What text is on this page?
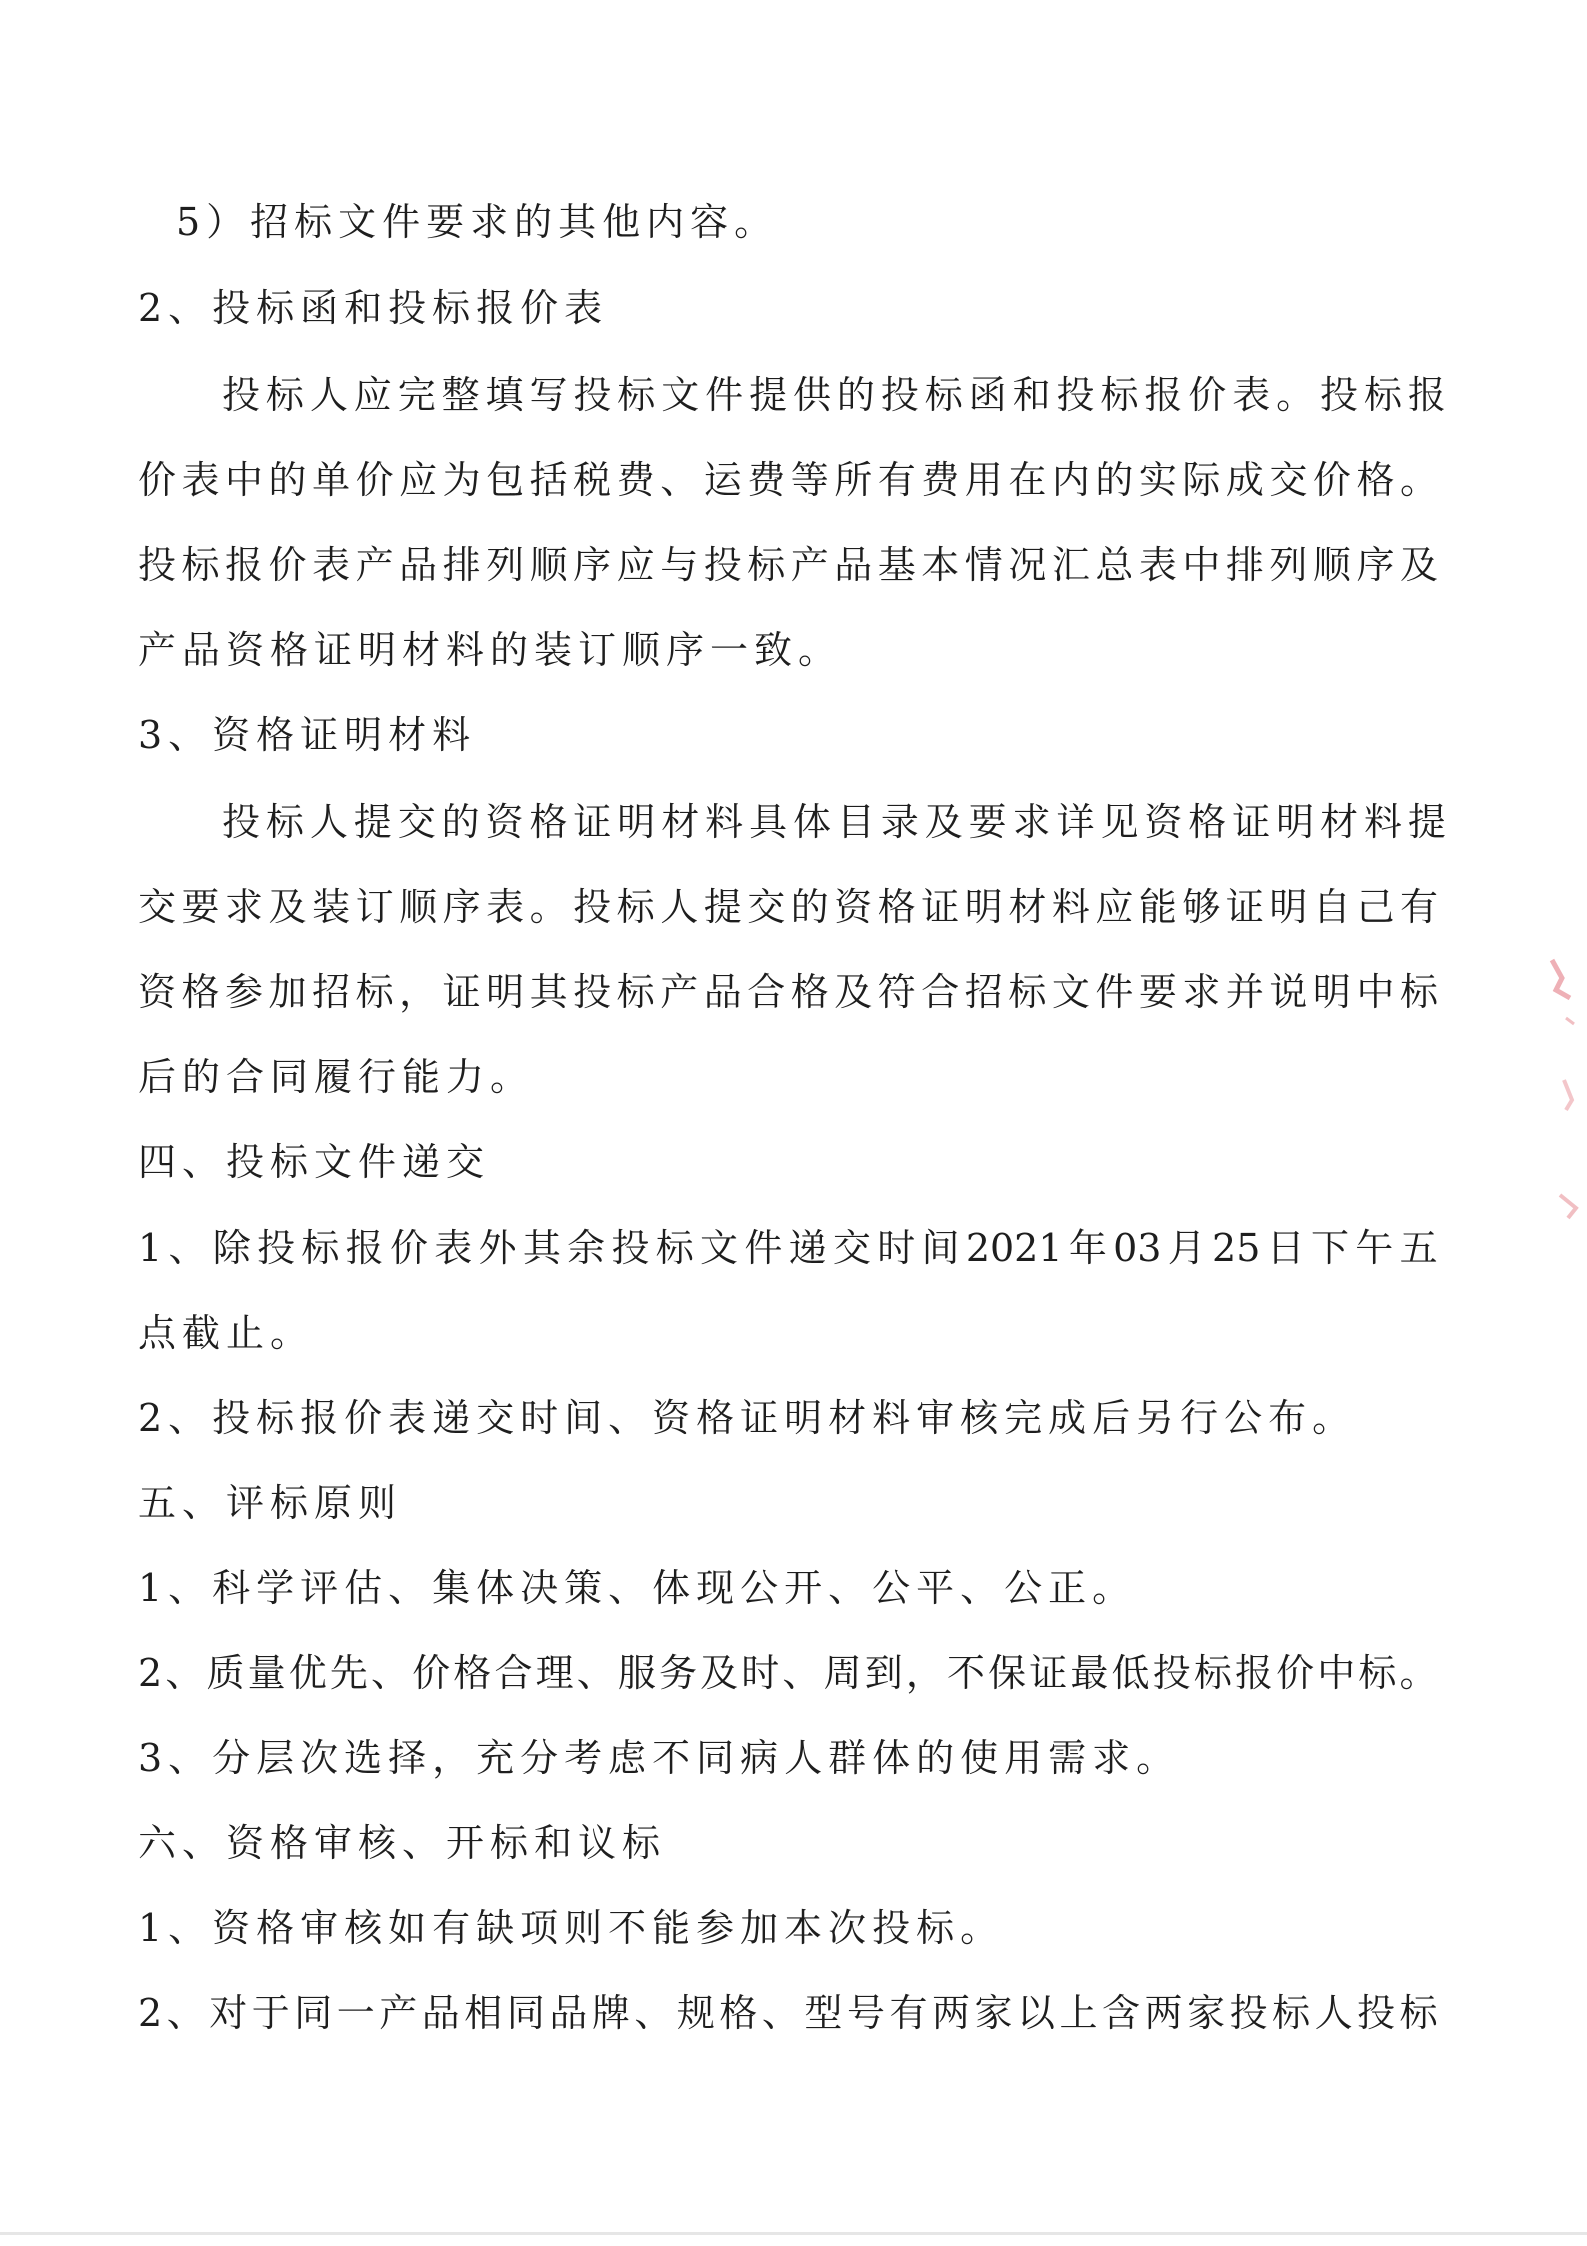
5）招标文件要求的其他内容。
2、投标函和投标报价表
投 标 人 应 完 整 填 写 投 标 文 件 提 供 的 投 标 函 和 投 标 报 价 表 。 投 标 报
价 表 中 的 单 价 应 为 包 括 税 费 、 运 费 等 所 有 费 用 在 内 的 实 际 成 交 价 格 。
投 标 报 价 表 产 品 排 列 顺 序 应 与 投 标 产 品 基 本 情 况 汇 总 表 中 排 列 顺 序 及
产品资格证明材料的装订顺序一致。
3、资格证明材料
投 标 人 提 交 的 资 格 证 明 材 料 具 体 目 录 及 要 求 详 见 资 格 证 明 材 料 提
交 要 求 及 装 订 顺 序 表 。 投 标 人 提 交 的 资 格 证 明 材 料 应 能 够 证 明 自 己 有
资 格 参 加 招 标 ， 证 明 其 投 标 产 品 合 格 及 符 合 招 标 文 件 要 求 并 说 明 中 标
后的合同履行能力。
四、投标文件递交
1 、 除 投 标 报 价 表 外 其 余 投 标 文 件 递 交 时 间 2021 年 03 月 25 日 下 午 五
点截止。
2、投标报价表递交时间、资格证明材料审核完成后另行公布。
五、评标原则
1、科学评估、集体决策、体现公开、公平、公正。
2 、 质 量 优 先 、 价 格 合 理 、 服 务 及 时 、 周 到 ， 不 保 证 最 低 投 标 报 价 中 标 。
3、分层次选择，充分考虑不同病人群体的使用需求。
六、资格审核、开标和议标
1、资格审核如有缺项则不能参加本次投标。
2 、 对 于 同 一 产 品 相 同 品 牌 、 规 格 、 型 号 有 两 家 以 上 含 两 家 投 标 人 投 标
